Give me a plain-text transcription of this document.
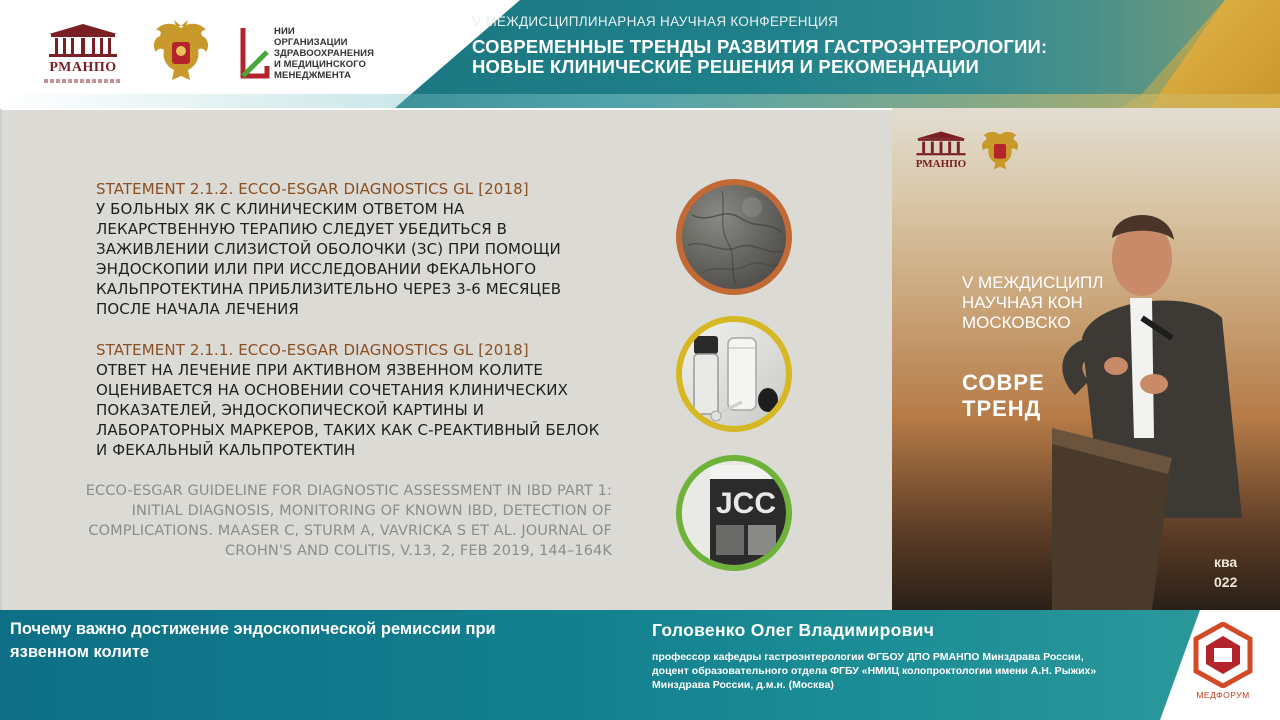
РМАНПО
НИИ
ОРГАНИЗАЦИИ
ЗДРАВООХРАНЕНИЯ
И МЕДИЦИНСКОГО
МЕНЕДЖМЕНТА
V МЕЖДИСЦИПЛИНАРНАЯ НАУЧНАЯ КОНФЕРЕНЦИЯ
СОВРЕМЕННЫЕ ТРЕНДЫ РАЗВИТИЯ ГАСТРОЭНТЕРОЛОГИИ:
НОВЫЕ КЛИНИЧЕСКИЕ РЕШЕНИЯ И РЕКОМЕНДАЦИИ
STATEMENT 2.1.2. ECCO-ESGAR DIAGNOSTICS GL [2018]
У БОЛЬНЫХ ЯК С КЛИНИЧЕСКИМ ОТВЕТОМ НА
ЛЕКАРСТВЕННУЮ ТЕРАПИЮ СЛЕДУЕТ УБЕДИТЬСЯ В
ЗАЖИВЛЕНИИ СЛИЗИСТОЙ ОБОЛОЧКИ (ЗС) ПРИ ПОМОЩИ
ЭНДОСКОПИИ ИЛИ ПРИ ИССЛЕДОВАНИИ ФЕКАЛЬНОГО
КАЛЬПРОТЕКТИНА ПРИБЛИЗИТЕЛЬНО ЧЕРЕЗ 3-6 МЕСЯЦЕВ
ПОСЛЕ НАЧАЛА ЛЕЧЕНИЯ
STATEMENT 2.1.1. ECCO-ESGAR DIAGNOSTICS GL [2018]
ОТВЕТ НА ЛЕЧЕНИЕ ПРИ АКТИВНОМ ЯЗВЕННОМ КОЛИТЕ
ОЦЕНИВАЕТСЯ НА ОСНОВЕНИИ СОЧЕТАНИЯ КЛИНИЧЕСКИХ
ПОКАЗАТЕЛЕЙ, ЭНДОСКОПИЧЕСКОЙ КАРТИНЫ И
ЛАБОРАТОРНЫХ МАРКЕРОВ, ТАКИХ КАК С-РЕАКТИВНЫЙ БЕЛОК
И ФЕКАЛЬНЫЙ КАЛЬПРОТЕКТИН
ECCO-ESGAR GUIDELINE FOR DIAGNOSTIC ASSESSMENT IN IBD PART 1:
INITIAL DIAGNOSIS, MONITORING OF KNOWN IBD, DETECTION OF
COMPLICATIONS. MAASER C, STURM A, VAVRICKA S ET AL. JOURNAL OF
CROHN'S AND COLITIS, V.13, 2, FEB 2019, 144–164K
JCC
РМАНПО
V МЕЖДИСЦИПЛ
НАУЧНАЯ КОН
МОСКОВСКО
СОВРЕ
ТРЕНД
ква
022
Почему важно достижение эндоскопической ремиссии при
язвенном колите
Головенко Олег Владимирович
профессор кафедры гастроэнтерологии ФГБОУ ДПО РМАНПО Минздрава России,
доцент образовательного отдела ФГБУ «НМИЦ колопроктологии имени А.Н. Рыжих»
Минздрава России, д.м.н. (Москва)
МЕДФОРУМ
